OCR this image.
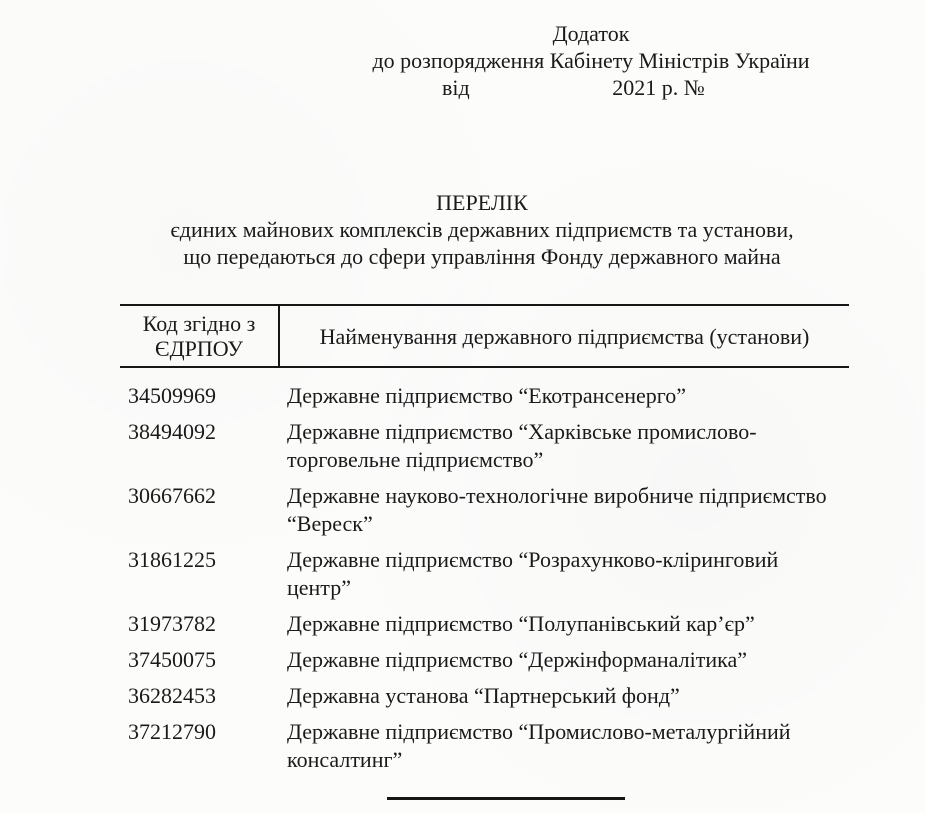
Додаток
до розпорядження Кабінету Міністрів України
від	2021 р. №
ПЕРЕЛІК
єдиних майнових комплексів державних підприємств та установи,
що передаються до сфери управління Фонду державного майна
Код згідно з
ЄДРПОУ	Найменування державного підприємства (установи)
34509969	Державне підприємство “Екотрансенерго”
38494092	Державне підприємство “Харківське промислово-торговельне підприємство”
30667662	Державне науково-технологічне виробниче підприємство “Вереск”
31861225	Державне підприємство “Розрахунково-кліринговий центр”
31973782	Державне підприємство “Полупанівський кар’єр”
37450075	Державне підприємство “Держінформаналітика”
36282453	Державна установа “Партнерський фонд”
37212790	Державне підприємство “Промислово-металургійний консалтинг”
